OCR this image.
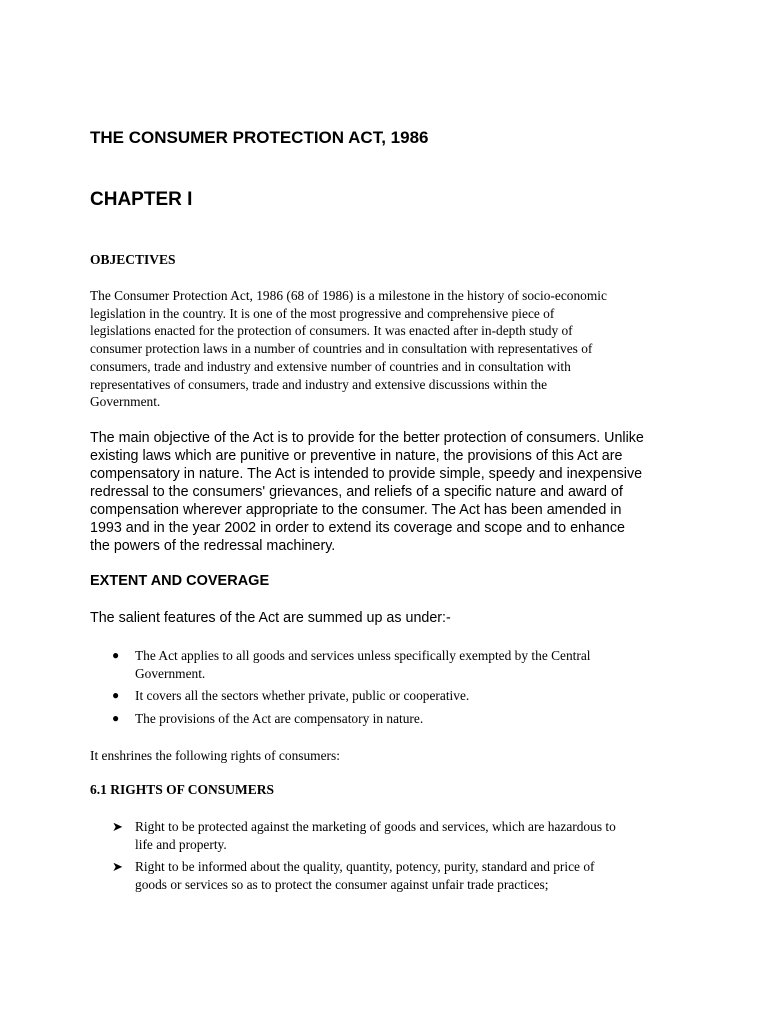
THE CONSUMER PROTECTION ACT, 1986
CHAPTER I
OBJECTIVES

The Consumer Protection Act, 1986 (68 of 1986) is a milestone in the history of socio-economic
legislation in the country. It is one of the most progressive and comprehensive piece of
legislations enacted for the protection of consumers. It was enacted after in-depth study of
consumer protection laws in a number of countries and in consultation with representatives of
consumers, trade and industry and extensive number of countries and in consultation with
representatives of consumers, trade and industry and extensive discussions within the
Government.

The main objective of the Act is to provide for the better protection of consumers. Unlike
existing laws which are punitive or preventive in nature, the provisions of this Act are
compensatory in nature. The Act is intended to provide simple, speedy and inexpensive
redressal to the consumers' grievances, and reliefs of a specific nature and award of
compensation wherever appropriate to the consumer. The Act has been amended in
1993 and in the year 2002 in order to extend its coverage and scope and to enhance
the powers of the redressal machinery.

EXTENT AND COVERAGE

The salient features of the Act are summed up as under:-

● The Act applies to all goods and services unless specifically exempted by the Central
Government.
● It covers all the sectors whether private, public or cooperative.
● The provisions of the Act are compensatory in nature.

It enshrines the following rights of consumers:

6.1 RIGHTS OF CONSUMERS
➤ Right to be protected against the marketing of goods and services, which are hazardous to
life and property.
➤ Right to be informed about the quality, quantity, potency, purity, standard and price of
goods or services so as to protect the consumer against unfair trade practices;
